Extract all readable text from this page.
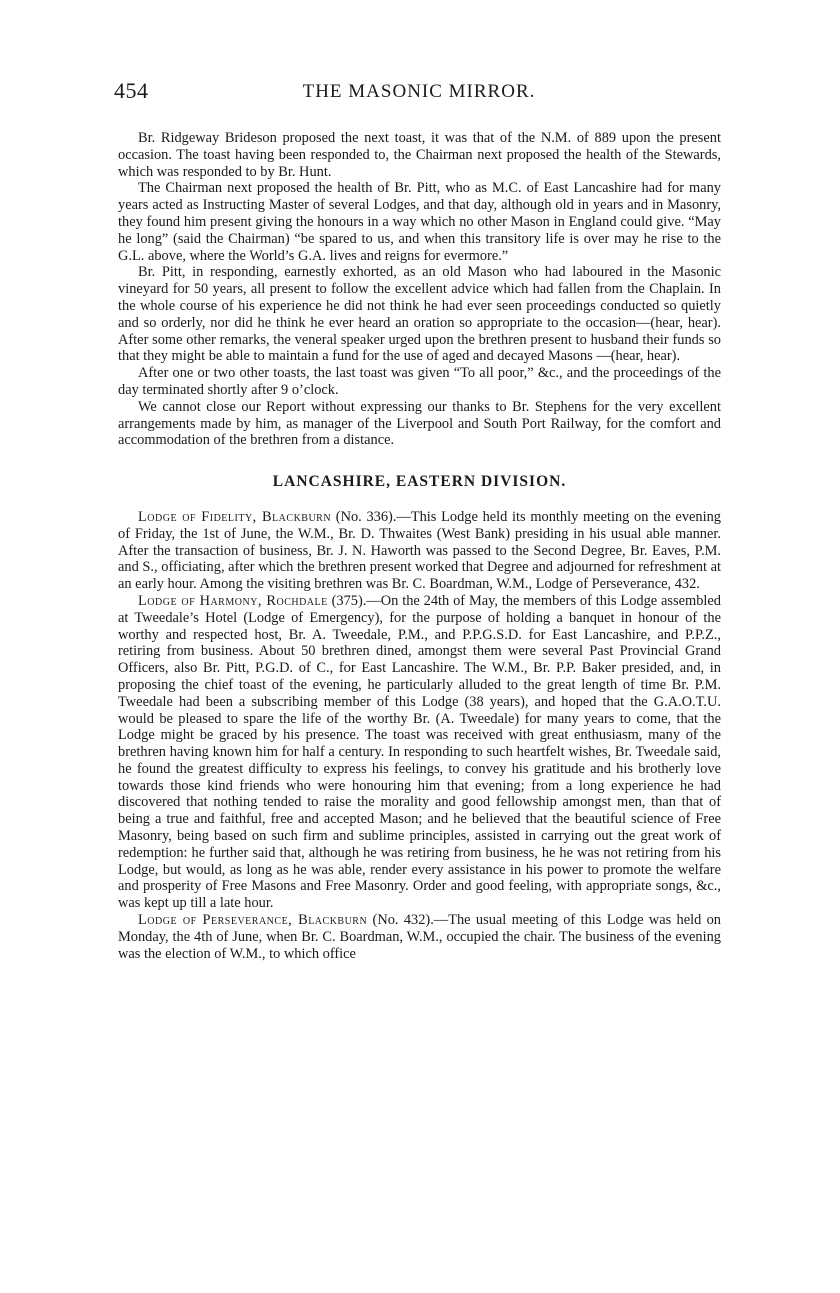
454	THE MASONIC MIRROR.

Br. Ridgeway Brideson proposed the next toast, it was that of the N.M. of 889 upon the present occasion. The toast having been responded to, the Chairman next proposed the health of the Stewards, which was responded to by Br. Hunt.

The Chairman next proposed the health of Br. Pitt, who as M.C. of East Lancashire had for many years acted as Instructing Master of several Lodges, and that day, although old in years and in Masonry, they found him present giving the honours in a way which no other Mason in England could give. “May he long” (said the Chairman) “be spared to us, and when this transitory life is over may he rise to the G.L. above, where the World’s G.A. lives and reigns for evermore.”

Br. Pitt, in responding, earnestly exhorted, as an old Mason who had laboured in the Masonic vineyard for 50 years, all present to follow the excellent advice which had fallen from the Chaplain. In the whole course of his experience he did not think he had ever seen proceedings conducted so quietly and so orderly, nor did he think he ever heard an oration so appropriate to the occasion—(hear, hear). After some other remarks, the veneral speaker urged upon the brethren present to husband their funds so that they might be able to maintain a fund for the use of aged and decayed Masons —(hear, hear).

After one or two other toasts, the last toast was given “To all poor,” &c., and the proceedings of the day terminated shortly after 9 o’clock.

We cannot close our Report without expressing our thanks to Br. Stephens for the very excellent arrangements made by him, as manager of the Liverpool and South Port Railway, for the comfort and accommodation of the brethren from a distance.

LANCASHIRE, EASTERN DIVISION.

Lodge of Fidelity, Blackburn (No. 336).—This Lodge held its monthly meeting on the evening of Friday, the 1st of June, the W.M., Br. D. Thwaites (West Bank) presiding in his usual able manner. After the transaction of business, Br. J. N. Haworth was passed to the Second Degree, Br. Eaves, P.M. and S., officiating, after which the brethren present worked that Degree and adjourned for refreshment at an early hour. Among the visiting brethren was Br. C. Boardman, W.M., Lodge of Perseverance, 432.

Lodge of Harmony, Rochdale (375).—On the 24th of May, the members of this Lodge assembled at Tweedale’s Hotel (Lodge of Emergency), for the purpose of holding a banquet in honour of the worthy and respected host, Br. A. Tweedale, P.M., and P.P.G.S.D. for East Lancashire, and P.P.Z., retiring from business. About 50 brethren dined, amongst them were several Past Provincial Grand Officers, also Br. Pitt, P.G.D. of C., for East Lancashire. The W.M., Br. P.P. Baker presided, and, in proposing the chief toast of the evening, he particularly alluded to the great length of time Br. P.M. Tweedale had been a subscribing member of this Lodge (38 years), and hoped that the G.A.O.T.U. would be pleased to spare the life of the worthy Br. (A. Tweedale) for many years to come, that the Lodge might be graced by his presence. The toast was received with great enthusiasm, many of the brethren having known him for half a century. In responding to such heartfelt wishes, Br. Tweedale said, he found the greatest difficulty to express his feelings, to convey his gratitude and his brotherly love towards those kind friends who were honouring him that evening; from a long experience he had discovered that nothing tended to raise the morality and good fellowship amongst men, than that of being a true and faithful, free and accepted Mason; and he believed that the beautiful science of Free Masonry, being based on such firm and sublime principles, assisted in carrying out the great work of redemption: he further said that, although he was retiring from business, he he was not retiring from his Lodge, but would, as long as he was able, render every assistance in his power to promote the welfare and prosperity of Free Masons and Free Masonry. Order and good feeling, with appropriate songs, &c., was kept up till a late hour.

Lodge of Perseverance, Blackburn (No. 432).—The usual meeting of this Lodge was held on Monday, the 4th of June, when Br. C. Boardman, W.M., occupied the chair. The business of the evening was the election of W.M., to which office
